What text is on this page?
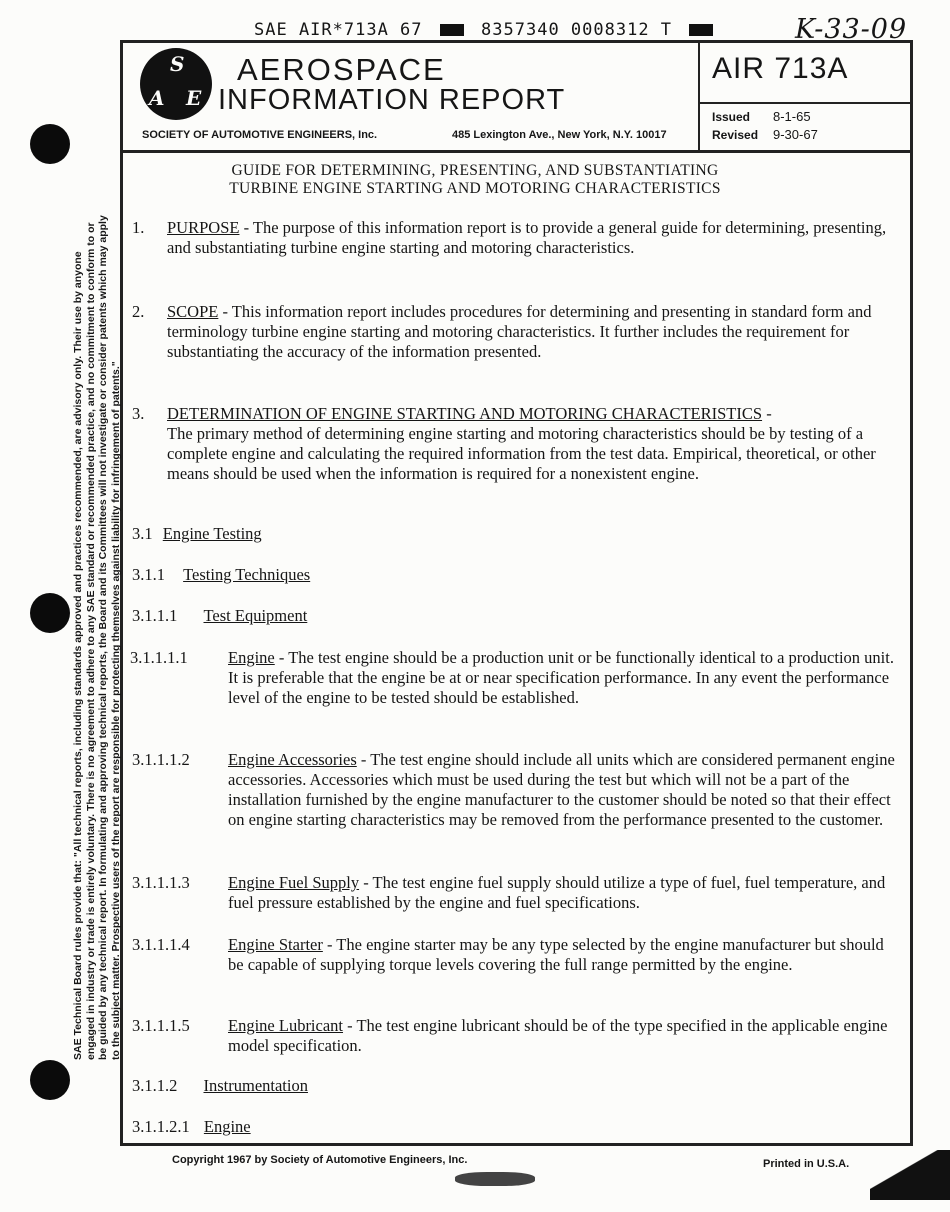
SAE AIR*713A 67	8357340 0008312 T	K-33-09
S
A E
AEROSPACE
INFORMATION REPORT
SOCIETY OF AUTOMOTIVE ENGINEERS, Inc.	485 Lexington Ave., New York, N.Y. 10017
AIR 713A
Issued 8-1-65
Revised 9-30-67
SAE Technical Board rules provide that: "All technical reports, including standards approved and practices recommended, are advisory only. Their use by anyone engaged in industry or trade is entirely voluntary. There is no agreement to adhere to any SAE standard or recommended practice, and no commitment to conform to or be guided by any technical report. In formulating and approving technical reports, the Board and its Committees will not investigate or consider patents which may apply to the subject matter. Prospective users of the report are responsible for protecting themselves against liability for infringement of patents."
GUIDE FOR DETERMINING, PRESENTING, AND SUBSTANTIATING
TURBINE ENGINE STARTING AND MOTORING CHARACTERISTICS
1. PURPOSE - The purpose of this information report is to provide a general guide for determining, presenting, and substantiating turbine engine starting and motoring characteristics.
2. SCOPE - This information report includes procedures for determining and presenting in standard form and terminology turbine engine starting and motoring characteristics. It further includes the requirement for substantiating the accuracy of the information presented.
3. DETERMINATION OF ENGINE STARTING AND MOTORING CHARACTERISTICS -
The primary method of determining engine starting and motoring characteristics should be by testing of a complete engine and calculating the required information from the test data. Empirical, theoretical, or other means should be used when the information is required for a nonexistent engine.
3.1 Engine Testing
3.1.1 Testing Techniques
3.1.1.1 Test Equipment
3.1.1.1.1 Engine - The test engine should be a production unit or be functionally identical to a production unit. It is preferable that the engine be at or near specification performance. In any event the performance level of the engine to be tested should be established.
3.1.1.1.2 Engine Accessories - The test engine should include all units which are considered permanent engine accessories. Accessories which must be used during the test but which will not be a part of the installation furnished by the engine manufacturer to the customer should be noted so that their effect on engine starting characteristics may be removed from the performance presented to the customer.
3.1.1.1.3 Engine Fuel Supply - The test engine fuel supply should utilize a type of fuel, fuel temperature, and fuel pressure established by the engine and fuel specifications.
3.1.1.1.4 Engine Starter - The engine starter may be any type selected by the engine manufacturer but should be capable of supplying torque levels covering the full range permitted by the engine.
3.1.1.1.5 Engine Lubricant - The test engine lubricant should be of the type specified in the applicable engine model specification.
3.1.1.2 Instrumentation
3.1.1.2.1 Engine
Copyright 1967 by Society of Automotive Engineers, Inc.	Printed in U.S.A.
